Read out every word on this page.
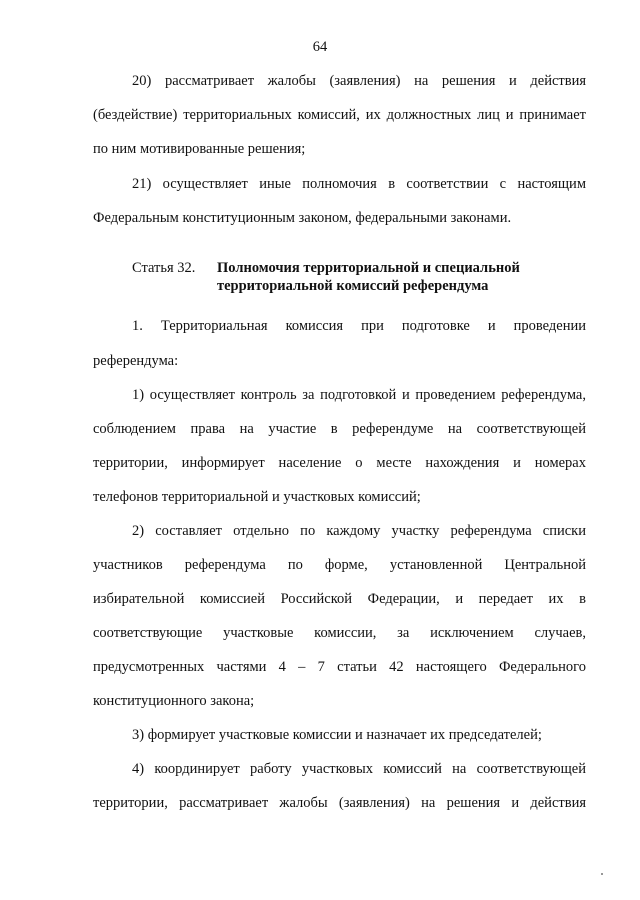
64
20) рассматривает жалобы (заявления) на решения и действия
(бездействие) территориальных комиссий, их должностных лиц и принимает
по ним мотивированные решения;
21) осуществляет иные полномочия в соответствии с настоящим
Федеральным конституционным законом, федеральными законами.
Статья 32. Полномочия территориальной и специальной
территориальной комиссий референдума
1. Территориальная комиссия при подготовке и проведении
референдума:
1) осуществляет контроль за подготовкой и проведением референдума,
соблюдением права на участие в референдуме на соответствующей
территории, информирует население о месте нахождения и номерах
телефонов территориальной и участковых комиссий;
2) составляет отдельно по каждому участку референдума списки
участников референдума по форме, установленной Центральной
избирательной комиссией Российской Федерации, и передает их в
соответствующие участковые комиссии, за исключением случаев,
предусмотренных частями 4 – 7 статьи 42 настоящего Федерального
конституционного закона;
3) формирует участковые комиссии и назначает их председателей;
4) координирует работу участковых комиссий на соответствующей
территории, рассматривает жалобы (заявления) на решения и действия
